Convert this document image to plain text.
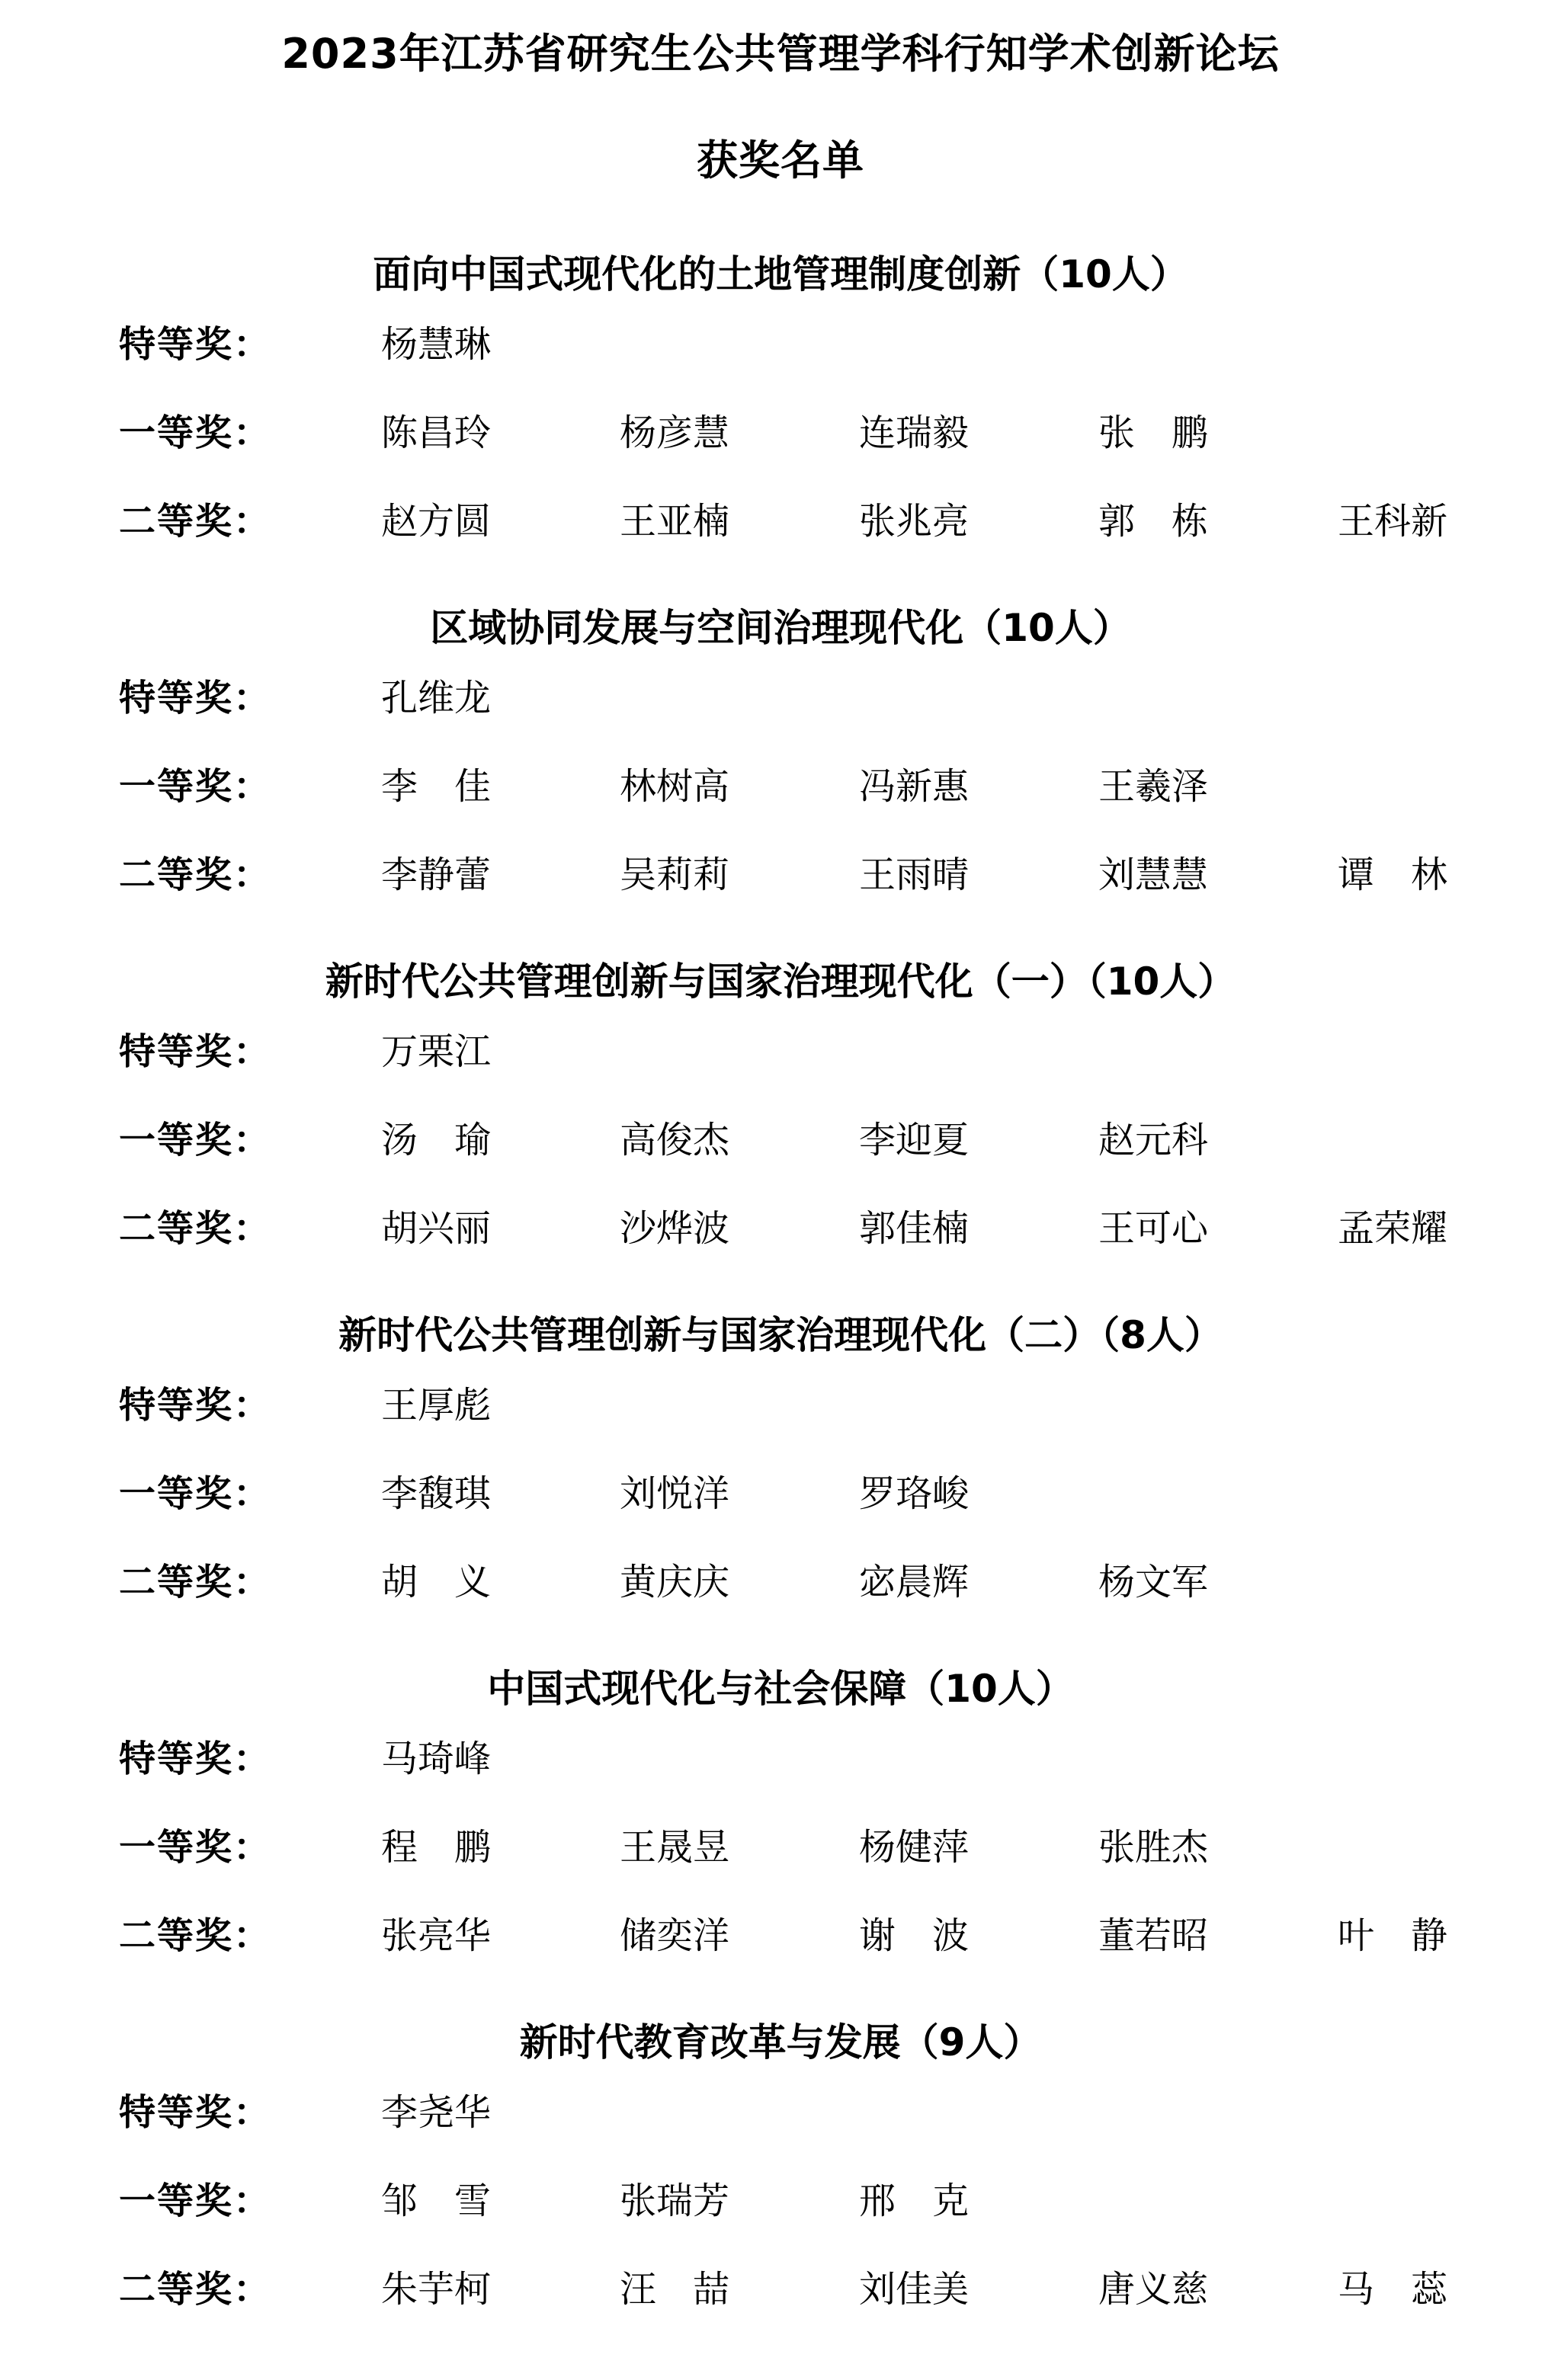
2023年江苏省研究生公共管理学科行知学术创新论坛
获奖名单
面向中国式现代化的土地管理制度创新（10人）
特等奖：	杨慧琳
一等奖：	陈昌玲	杨彦慧	连瑞毅	张　鹏
二等奖：	赵方圆	王亚楠	张兆亮	郭　栋	王科新
区域协同发展与空间治理现代化（10人）
特等奖：	孔维龙
一等奖：	李　佳	林树高	冯新惠	王羲泽
二等奖：	李静蕾	吴莉莉	王雨晴	刘慧慧	谭　林
新时代公共管理创新与国家治理现代化（一）（10人）
特等奖：	万栗江
一等奖：	汤　瑜	高俊杰	李迎夏	赵元科
二等奖：	胡兴丽	沙烨波	郭佳楠	王可心	孟荣耀
新时代公共管理创新与国家治理现代化（二）（8人）
特等奖：	王厚彪
一等奖：	李馥琪	刘悦洋	罗珞峻
二等奖：	胡　义	黄庆庆	宓晨辉	杨文军
中国式现代化与社会保障（10人）
特等奖：	马琦峰
一等奖：	程　鹏	王晟昱	杨健萍	张胜杰
二等奖：	张亮华	储奕洋	谢　波	董若昭	叶　静
新时代教育改革与发展（9人）
特等奖：	李尧华
一等奖：	邹　雪	张瑞芳	邢　克
二等奖：	朱芋柯	汪　喆	刘佳美	唐义慈	马　蕊
